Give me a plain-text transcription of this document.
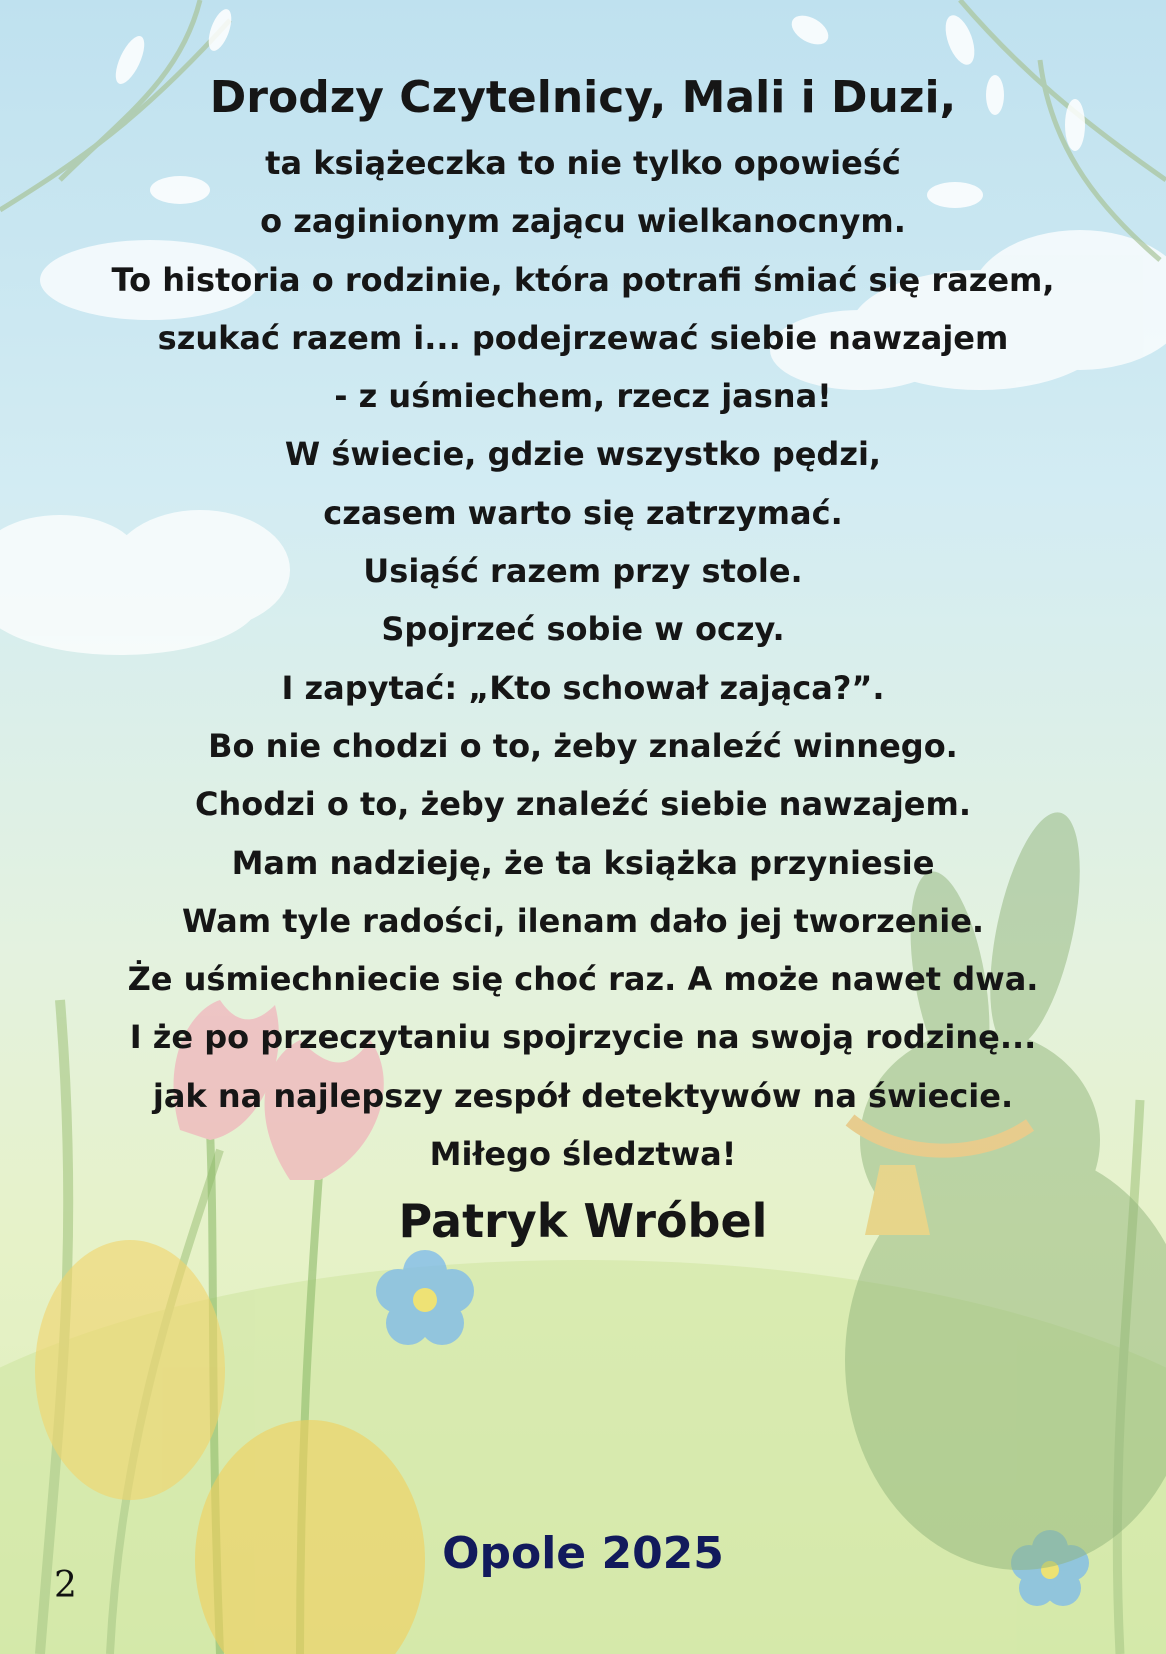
Drodzy Czytelnicy, Mali i Duzi,

ta książeczka to nie tylko opowieść

o zaginionym zającu wielkanocnym.

To historia o rodzinie, która potrafi śmiać się razem,

szukać razem i... podejrzewać siebie nawzajem

- z uśmiechem, rzecz jasna!

W świecie, gdzie wszystko pędzi,

czasem warto się zatrzymać.

Usiąść razem przy stole.

Spojrzeć sobie w oczy.

I zapytać: „Kto schował zająca?”.

Bo nie chodzi o to, żeby znaleźć winnego.

Chodzi o to, żeby znaleźć siebie nawzajem.

Mam nadzieję, że ta książka przyniesie

Wam tyle radości, ilenam dało jej tworzenie.

Że uśmiechniecie się choć raz. A może nawet dwa.

I że po przeczytaniu spojrzycie na swoją rodzinę...

jak na najlepszy zespół detektywów na świecie.

Miłego śledztwa!

Patryk Wróbel

Opole 2025
2
